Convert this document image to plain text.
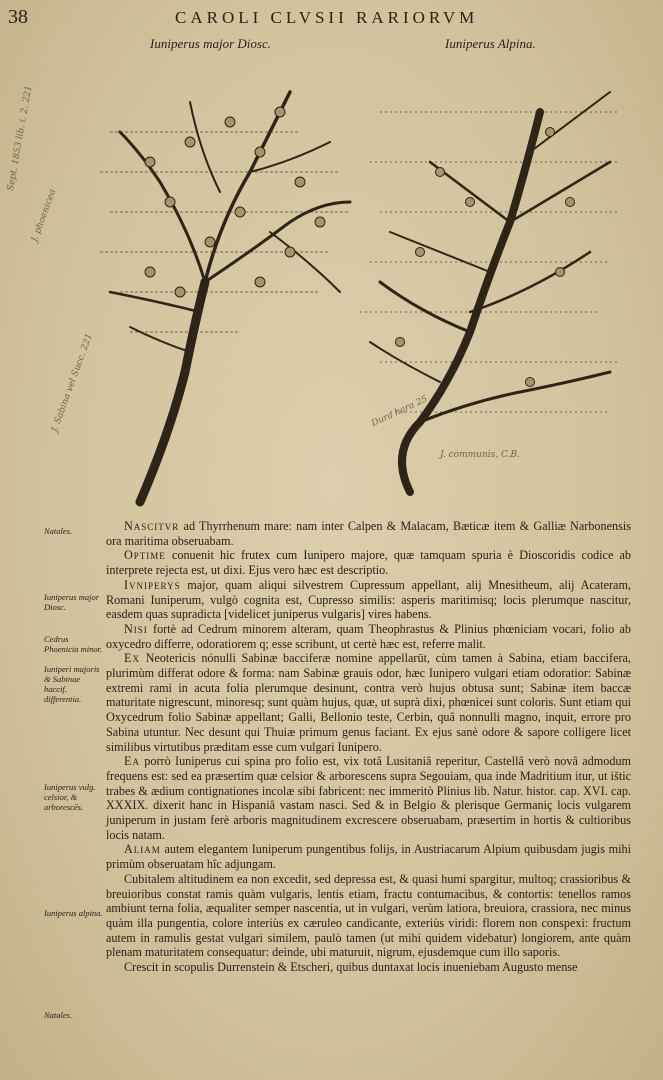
38	CAROLI CLVSII RARIORVM
Iuniperus major Diosc.	Iuniperus Alpina.
Sept. 1853 lib. i. 2. 221
J. phoenicea
J. Sabina vel Succ. 221
J. communis, C.B.
Dura hara 25
Natales.
Iuniperus major Diosc.
Cedrus Phoenicia minor.
Iuniperi majoris & Sabinae baccif. differentia.
Iuniperus vulg. celsior, & arborescēs.
Iuniperus alpina.
Natales.

Nascitvr ad Thyrrhenum mare: nam inter Calpen & Malacam, Bæticæ item & Galliæ Narbonensis ora maritima obseruabam.

Optime conuenit hic frutex cum Iunipero majore, quæ tamquam spuria è Dioscoridis codice ab interprete rejecta est, ut dixi. Ejus vero hæc est descriptio.

Ivniperys major, quam aliqui silvestrem Cupressum appellant, alij Mnesitheum, alij Acateram, Romani Iuniperum, vulgò cognita est, Cupresso similis: asperis maritimisq; locis plerumque nascitur, easdem quas supradicta [videlicet juniperus vulgaris] vires habens.

Nisi fortè ad Cedrum minorem alteram, quam Theophrastus & Plinius phœniciam vocari, folio ab oxycedro differre, odoratiorem q; esse scribunt, ut certè hæc est, referre malit.

Ex Neotericis nónulli Sabinæ bacciferæ nomine appellarūt, cùm tamen à Sabina, etiam baccifera, plurimùm differat odore & forma: nam Sabinæ grauis odor, hæc Iunipero vulgari etiam odoratior: Sabinæ extremi rami in acuta folia plerumque desinunt, contra verò hujus obtusa sunt; Sabinæ item baccæ maturitate nigrescunt, minoresq; sunt quàm hujus, quæ, ut suprà dixi, phœnicei sunt coloris. Sunt etiam qui Oxycedrum folio Sabinæ appellant; Galli, Bellonio teste, Cerbin, quâ nonnulli magno, inquit, errore pro Sabina utuntur. Nec desunt qui Thuiæ primum genus faciant. Ex ejus sanè odore & sapore colligere licet similibus virtutibus præditam esse cum vulgari Iunipero.

Ea porrò Iuniperus cui spina pro folio est, vix totâ Lusitaniâ reperitur, Castellâ verò novâ admodum frequens est: sed ea præsertim quæ celsior & arborescens supra Segouiam, qua inde Madritium itur, ut ištic trabes & ædium contignationes incolæ sibi fabricent: nec immeritò Plinius lib. Natur. histor. cap. XVI. cap. XXXIX. dixerit hanc in Hispaniâ vastam nasci. Sed & in Belgio & plerisque Germaniç locis vulgarem juniperum in justam ferè arboris magnitudinem excrescere obseruabam, præsertim in hortis & cultioribus locis natam.

Aliam autem elegantem Iuniperum pungentibus folijs, in Austriacarum Alpium quibusdam jugis mihi primùm obseruatam hîc adjungam.

Cubitalem altitudinem ea non excedit, sed depressa est, & quasi humi spargitur, multoq; crassioribus & breuioribus constat ramis quàm vulgaris, lentis etiam, fractu contumacibus, & contortis: tenellos ramos ambiunt terna folia, æqualiter semper nascentia, ut in vulgari, verùm latiora, breuiora, crassiora, nec minus quàm illa pungentia, colore interiùs ex cæruleo candicante, exteriùs viridi: florem non conspexi: fructum autem in ramulis gestat vulgari similem, paulò tamen (ut mihi quidem videbatur) longiorem, ante quàm plenam maturitatem consequatur: deinde, ubi maturuit, nigrum, ejusdemque cum illo saporis.

Crescit in scopulis Durrenstein & Etscheri, quibus duntaxat locis inueniebam Augusto mense
